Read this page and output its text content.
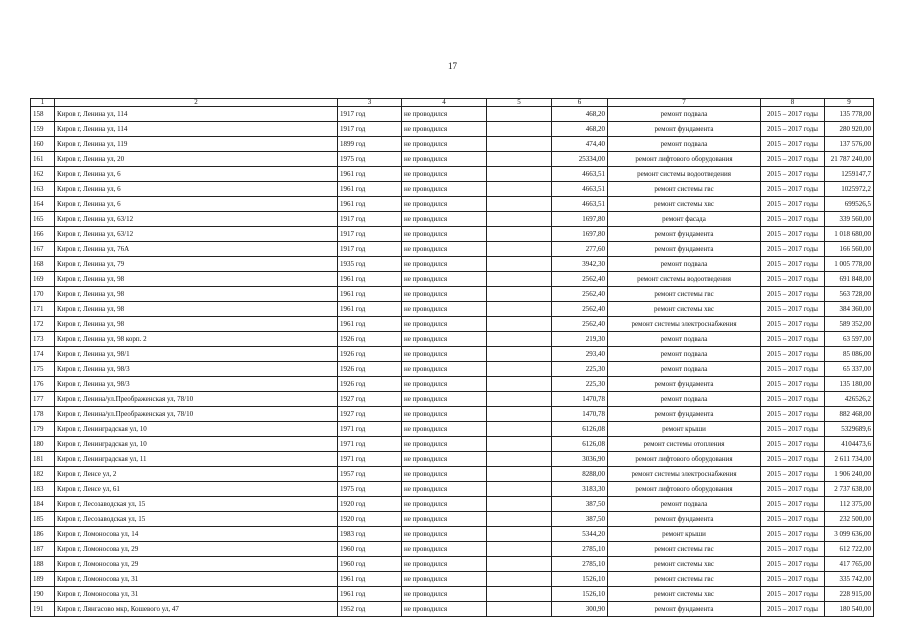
17
1	2	3	4	5	6	7	8	9
158	Киров г, Ленина ул, 114	1917 год	не проводился		468,20	ремонт подвала	2015 – 2017 годы	135 778,00
159	Киров г, Ленина ул, 114	1917 год	не проводился		468,20	ремонт фундамента	2015 – 2017 годы	280 920,00
160	Киров г, Ленина ул, 119	1899 год	не проводился		474,40	ремонт подвала	2015 – 2017 годы	137 576,00
161	Киров г, Ленина ул, 20	1975 год	не проводился		25334,00	ремонт лифтового оборудования	2015 – 2017 годы	21 787 240,00
162	Киров г, Ленина ул, 6	1961 год	не проводился		4663,51	ремонт системы водоотведения	2015 – 2017 годы	1259147,7
163	Киров г, Ленина ул, 6	1961 год	не проводился		4663,51	ремонт системы гвс	2015 – 2017 годы	1025972,2
164	Киров г, Ленина ул, 6	1961 год	не проводился		4663,51	ремонт системы хвс	2015 – 2017 годы	699526,5
165	Киров г, Ленина ул, 63/12	1917 год	не проводился		1697,80	ремонт фасада	2015 – 2017 годы	339 560,00
166	Киров г, Ленина ул, 63/12	1917 год	не проводился		1697,80	ремонт фундамента	2015 – 2017 годы	1 018 680,00
167	Киров г, Ленина ул, 76А	1917 год	не проводился		277,60	ремонт фундамента	2015 – 2017 годы	166 560,00
168	Киров г, Ленина ул, 79	1935 год	не проводился		3942,30	ремонт подвала	2015 – 2017 годы	1 005 778,00
169	Киров г, Ленина ул, 98	1961 год	не проводился		2562,40	ремонт системы водоотведения	2015 – 2017 годы	691 848,00
170	Киров г, Ленина ул, 98	1961 год	не проводился		2562,40	ремонт системы гвс	2015 – 2017 годы	563 728,00
171	Киров г, Ленина ул, 98	1961 год	не проводился		2562,40	ремонт системы хвс	2015 – 2017 годы	384 360,00
172	Киров г, Ленина ул, 98	1961 год	не проводился		2562,40	ремонт системы электроснабжения	2015 – 2017 годы	589 352,00
173	Киров г, Ленина ул, 98 корп. 2	1926 год	не проводился		219,30	ремонт подвала	2015 – 2017 годы	63 597,00
174	Киров г, Ленина ул, 98/1	1926 год	не проводился		293,40	ремонт подвала	2015 – 2017 годы	85 086,00
175	Киров г, Ленина ул, 98/3	1926 год	не проводился		225,30	ремонт подвала	2015 – 2017 годы	65 337,00
176	Киров г, Ленина ул, 98/3	1926 год	не проводился		225,30	ремонт фундамента	2015 – 2017 годы	135 180,00
177	Киров г, Ленина/ул.Преображенская ул, 78/10	1927 год	не проводился		1470,78	ремонт подвала	2015 – 2017 годы	426526,2
178	Киров г, Ленина/ул.Преображенская ул, 78/10	1927 год	не проводился		1470,78	ремонт фундамента	2015 – 2017 годы	882 468,00
179	Киров г, Ленинградская ул, 10	1971 год	не проводился		6126,08	ремонт крыши	2015 – 2017 годы	5329689,6
180	Киров г, Ленинградская ул, 10	1971 год	не проводился		6126,08	ремонт системы отопления	2015 – 2017 годы	4104473,6
181	Киров г, Ленинградская ул, 11	1971 год	не проводился		3036,90	ремонт лифтового оборудования	2015 – 2017 годы	2 611 734,00
182	Киров г, Ленсе ул, 2	1957 год	не проводился		8288,00	ремонт системы электроснабжения	2015 – 2017 годы	1 906 240,00
183	Киров г, Ленсе ул, 61	1975 год	не проводился		3183,30	ремонт лифтового оборудования	2015 – 2017 годы	2 737 638,00
184	Киров г, Лесозаводская ул, 15	1920 год	не проводился		387,50	ремонт подвала	2015 – 2017 годы	112 375,00
185	Киров г, Лесозаводская ул, 15	1920 год	не проводился		387,50	ремонт фундамента	2015 – 2017 годы	232 500,00
186	Киров г, Ломоносова ул, 14	1983 год	не проводился		5344,20	ремонт крыши	2015 – 2017 годы	3 099 636,00
187	Киров г, Ломоносова ул, 29	1960 год	не проводился		2785,10	ремонт системы гвс	2015 – 2017 годы	612 722,00
188	Киров г, Ломоносова ул, 29	1960 год	не проводился		2785,10	ремонт системы хвс	2015 – 2017 годы	417 765,00
189	Киров г, Ломоносова ул, 31	1961 год	не проводился		1526,10	ремонт системы гвс	2015 – 2017 годы	335 742,00
190	Киров г, Ломоносова ул, 31	1961 год	не проводился		1526,10	ремонт системы хвс	2015 – 2017 годы	228 915,00
191	Киров г, Лянгасово мкр, Кошевого ул, 47	1952 год	не проводился		300,90	ремонт фундамента	2015 – 2017 годы	180 540,00
